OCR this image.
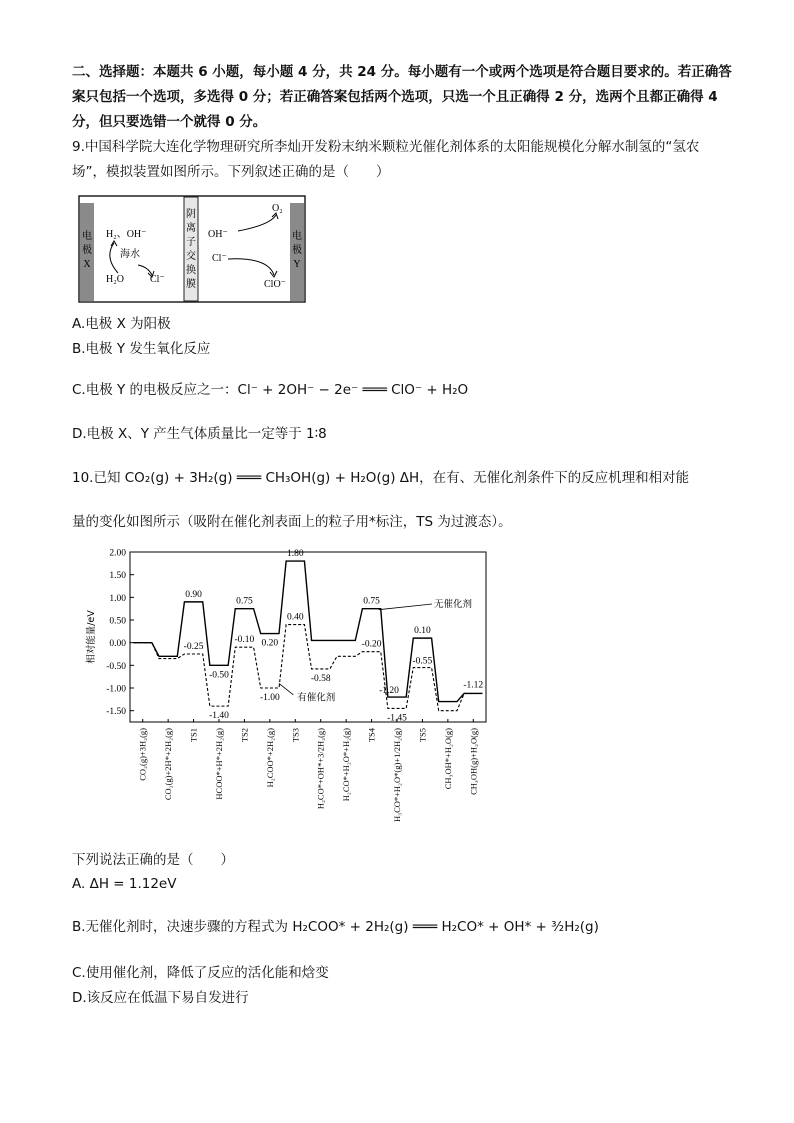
二、选择题：本题共 6 小题，每小题 4 分，共 24 分。每小题有一个或两个选项是符合题目要求的。若正确答案只包括一个选项，多选得 0 分；若正确答案包括两个选项，只选一个且正确得 2 分，选两个且都正确得 4 分，但只要选错一个就得 0 分。
9.中国科学院大连化学物理研究所李灿开发粉末纳米颗粒光催化剂体系的太阳能规模化分解水制氢的“氢农场”，模拟装置如图所示。下列叙述正确的是（　　）
电
极
X
阴
离
子
交
换
膜
电
极
Y
H₂、OH⁻
海水
H₂O	Cl⁻
OH⁻
O₂
Cl⁻
ClO⁻
A.电极 X 为阳极
B.电极 Y 发生氧化反应
C.电极 Y 的电极反应之一：Cl⁻ + 2OH⁻ − 2e⁻ ═══ ClO⁻ + H₂O
D.电极 X、Y 产生气体质量比一定等于 1∶8
10.已知 CO₂(g) + 3H₂(g) ═══ CH₃OH(g) + H₂O(g) ΔH，在有、无催化剂条件下的反应机理和相对能
量的变化如图所示（吸附在催化剂表面上的粒子用*标注，TS 为过渡态）。
2.00
1.50
1.00
0.50
0.00
-0.50
-1.00
-1.50
相对能量/eV
CO₂(g)+3H₂(g) CO₂(g)+2H*+2H₂(g) TS1 HCOO*+H*+2H₂(g) TS2 H₂COO*+2H₂(g) TS3 H₂CO*+OH*+3/2H₂(g) H₂CO*+H₂O*+H₂(g) TS4 H₃CO*+H₂O*(g)+1/2H₂(g) TS5 CH₃OH*+H₂O(g) CH₃OH(g)+H₂O(g)
0.90
0.75
1.80
0.75
0.10
0.40
0.20
-0.25
-0.10	-0.20
-0.50
-1.40
-1.00
-0.58
-1.20
-1.45
-0.55
-1.12
无催化剂
有催化剂
下列说法正确的是（　　）
A. ΔH = 1.12eV
B.无催化剂时，决速步骤的方程式为 H₂COO* + 2H₂(g) ═══ H₂CO* + OH* + ³⁄₂H₂(g)
C.使用催化剂，降低了反应的活化能和焓变
D.该反应在低温下易自发进行
